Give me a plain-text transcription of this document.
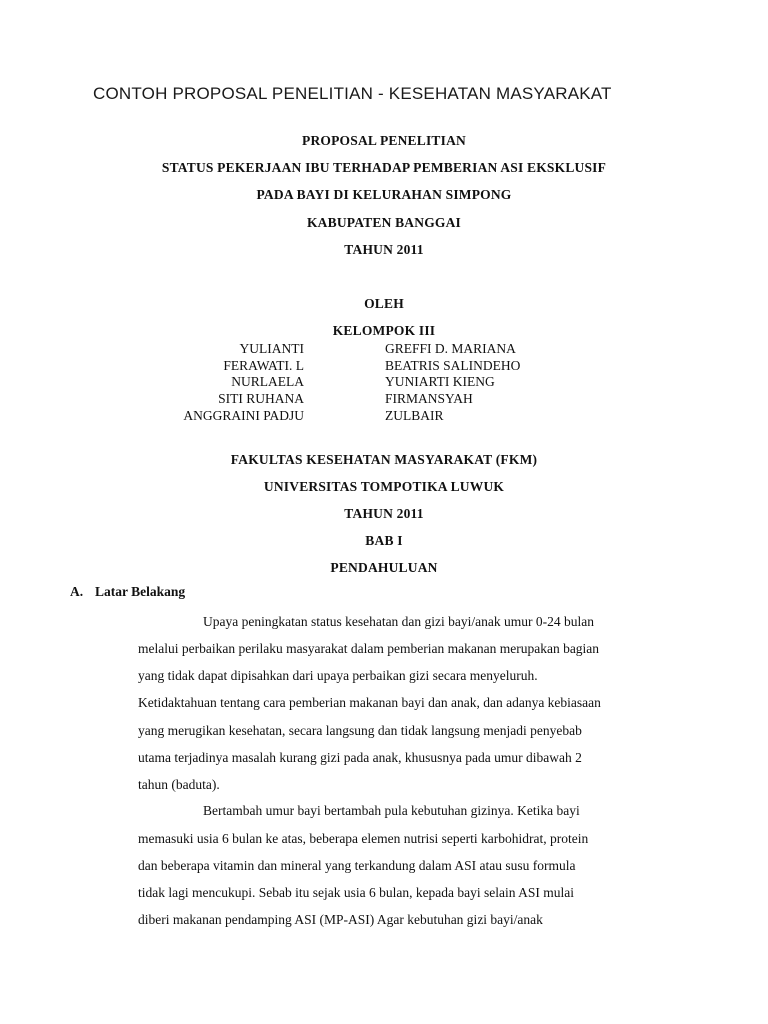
CONTOH PROPOSAL PENELITIAN - KESEHATAN MASYARAKAT
PROPOSAL PENELITIAN
STATUS PEKERJAAN IBU TERHADAP PEMBERIAN ASI EKSKLUSIF
PADA BAYI DI KELURAHAN SIMPONG
KABUPATEN BANGGAI
TAHUN 2011
OLEH
KELOMPOK III
YULIANTI
FERAWATI. L
NURLAELA
SITI RUHANA
ANGGRAINI PADJU
GREFFI D. MARIANA
BEATRIS SALINDEHO
YUNIARTI KIENG
FIRMANSYAH
ZULBAIR
FAKULTAS KESEHATAN MASYARAKAT (FKM)
UNIVERSITAS TOMPOTIKA LUWUK
TAHUN 2011
BAB I
PENDAHULUAN
A. Latar Belakang
Upaya peningkatan status kesehatan dan gizi bayi/anak umur 0-24 bulan
melalui perbaikan perilaku masyarakat dalam pemberian makanan merupakan bagian
yang tidak dapat dipisahkan dari upaya perbaikan gizi secara menyeluruh.
Ketidaktahuan tentang cara pemberian makanan bayi dan anak, dan adanya kebiasaan
yang merugikan kesehatan, secara langsung dan tidak langsung menjadi penyebab
utama terjadinya masalah kurang gizi pada anak, khususnya pada umur dibawah 2
tahun (baduta).
Bertambah umur bayi bertambah pula kebutuhan gizinya. Ketika bayi
memasuki usia 6 bulan ke atas, beberapa elemen nutrisi seperti karbohidrat, protein
dan beberapa vitamin dan mineral yang terkandung dalam ASI atau susu formula
tidak lagi mencukupi. Sebab itu sejak usia 6 bulan, kepada bayi selain ASI mulai
diberi makanan pendamping ASI (MP-ASI) Agar kebutuhan gizi bayi/anak
